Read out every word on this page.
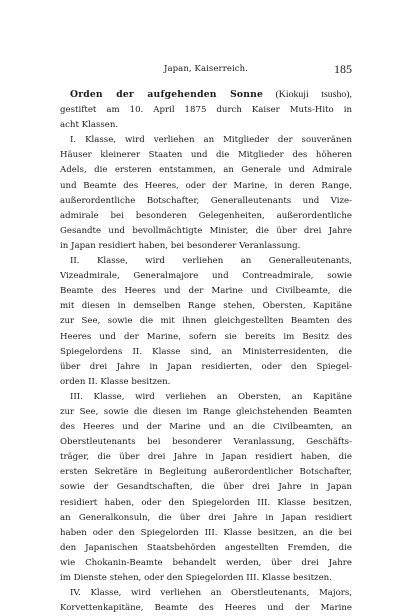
Japan, Kaiserreich.	185

Orden der aufgehenden Sonne (Kiokuji tsusho),
gestiftet am 10. April 1875 durch Kaiser Muts-Hito in
acht Klassen.

I. Klasse, wird verliehen an Mitglieder der souveränen
Häuser kleinerer Staaten und die Mitglieder des höheren
Adels, die ersteren entstammen, an Generale und Admirale
und Beamte des Heeres, oder der Marine, in deren Range,
außerordentliche Botschafter, Generalleutenants und Vize-
admirale bei besonderen Gelegenheiten, außerordentliche
Gesandte und bevollmächtigte Minister, die über drei Jahre
in Japan residiert haben, bei besonderer Veranlassung.

II. Klasse, wird verliehen an Generalleutenants,
Vizeadmirale, Generalmajore und Contreadmirale, sowie
Beamte des Heeres und der Marine und Civilbeamte, die
mit diesen in demselben Range stehen, Obersten, Kapitäne
zur See, sowie die mit ihnen gleichgestellten Beamten des
Heeres und der Marine, sofern sie bereits im Besitz des
Spiegelordens II. Klasse sind, an Ministerresidenten, die
über drei Jahre in Japan residierten, oder den Spiegel-
orden II. Klasse besitzen.

III. Klasse, wird verliehen an Obersten, an Kapitäne
zur See, sowie die diesen im Range gleichstehenden Beamten
des Heeres und der Marine und an die Civilbeamten, an
Oberstleutenants bei besonderer Veranlassung, Geschäfts-
träger, die über drei Jahre in Japan residiert haben, die
ersten Sekretäre in Begleitung außerordentlicher Botschafter,
sowie der Gesandtschaften, die über drei Jahre in Japan
residiert haben, oder den Spiegelorden III. Klasse besitzen,
an Generalkonsuln, die über drei Jahre in Japan residiert
haben oder den Spiegelorden III. Klasse besitzen, an die bei
den Japanischen Staatsbehörden angestellten Fremden, die
wie Chokanin-Beamte behandelt werden, über drei Jahre
im Dienste stehen, oder den Spiegelorden III. Klasse besitzen.

IV. Klasse, wird verliehen an Oberstleutenants, Majors,
Korvettenkapitäne, Beamte des Heeres und der Marine
